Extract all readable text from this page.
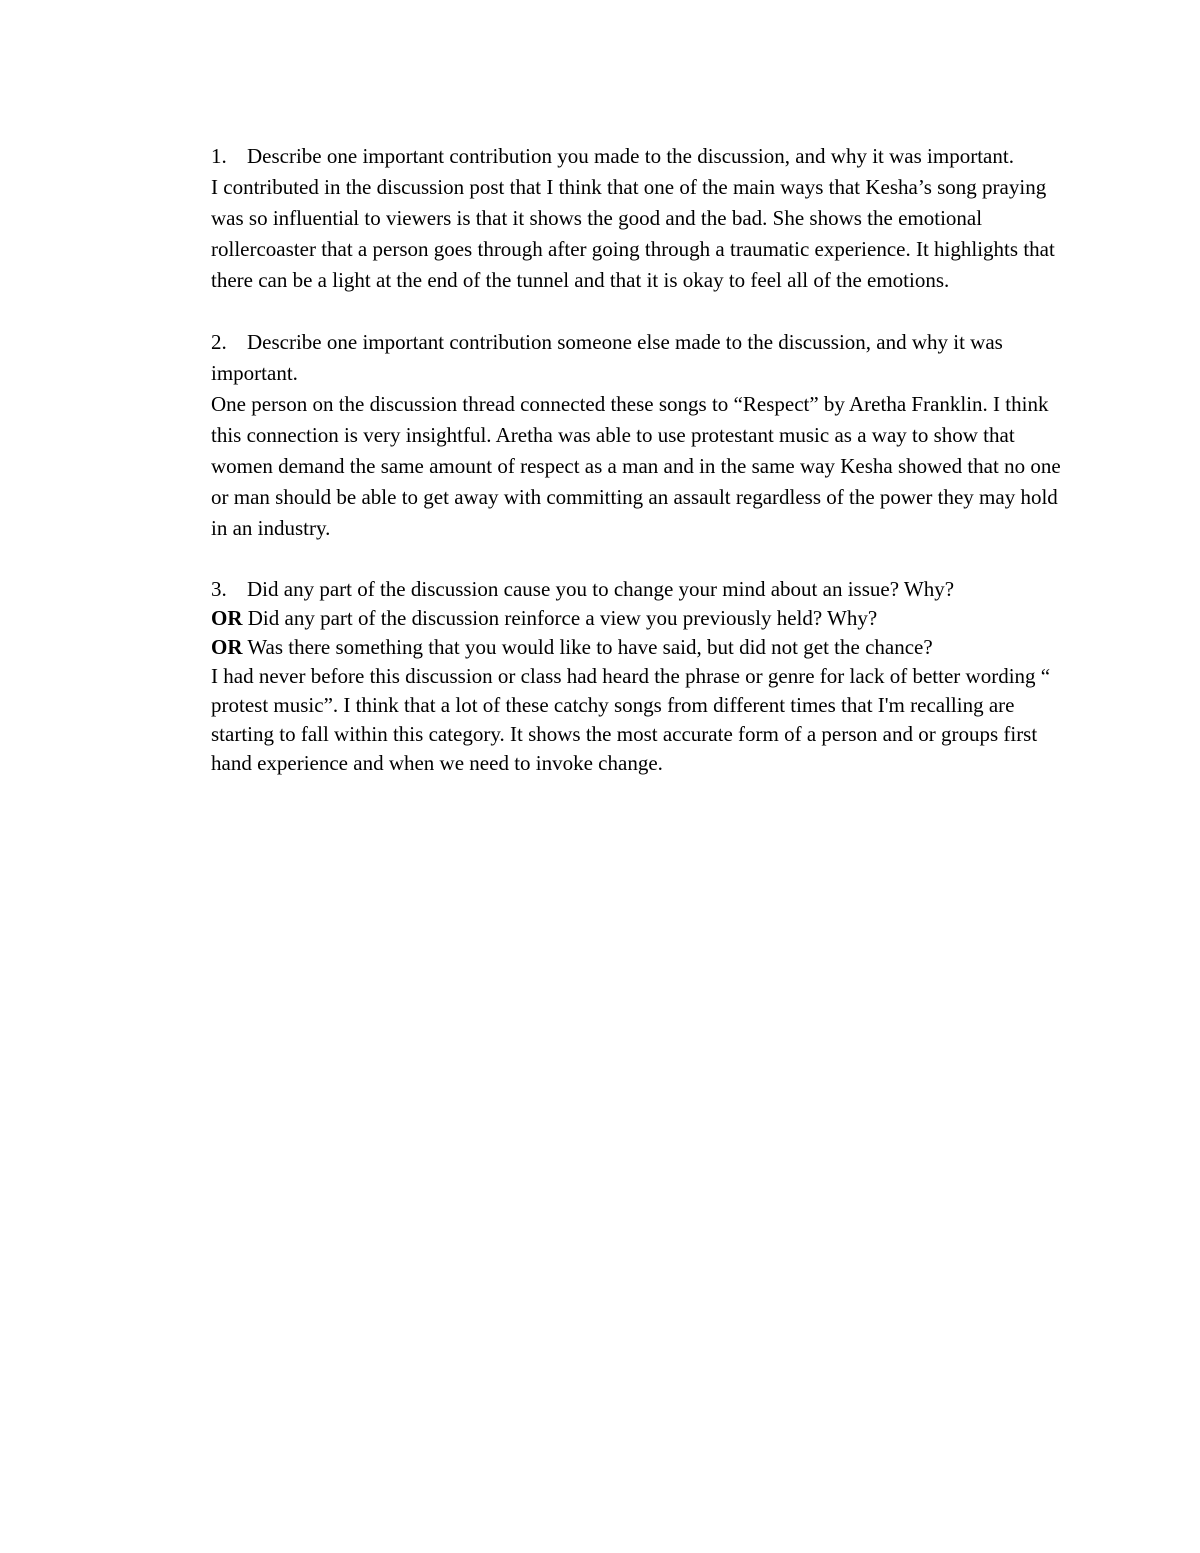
1. Describe one important contribution you made to the discussion, and why it was important.
I contributed in the discussion post that I think that one of the main ways that Kesha’s song praying was so influential to viewers is that it shows the good and the bad. She shows the emotional rollercoaster that a person goes through after going through a traumatic experience. It highlights that there can be a light at the end of the tunnel and that it is okay to feel all of the emotions.
2. Describe one important contribution someone else made to the discussion, and why it was important.
One person on the discussion thread connected these songs to “Respect” by Aretha Franklin. I think this connection is very insightful. Aretha was able to use protestant music as a way to show that women demand the same amount of respect as a man and in the same way Kesha showed that no one or man should be able to get away with committing an assault regardless of the power they may hold in an industry.
3. Did any part of the discussion cause you to change your mind about an issue? Why?
OR Did any part of the discussion reinforce a view you previously held? Why?
OR Was there something that you would like to have said, but did not get the chance?
I had never before this discussion or class had heard the phrase or genre for lack of better wording “ protest music”. I think that a lot of these catchy songs from different times that I'm recalling are starting to fall within this category. It shows the most accurate form of a person and or groups first hand experience and when we need to invoke change.
